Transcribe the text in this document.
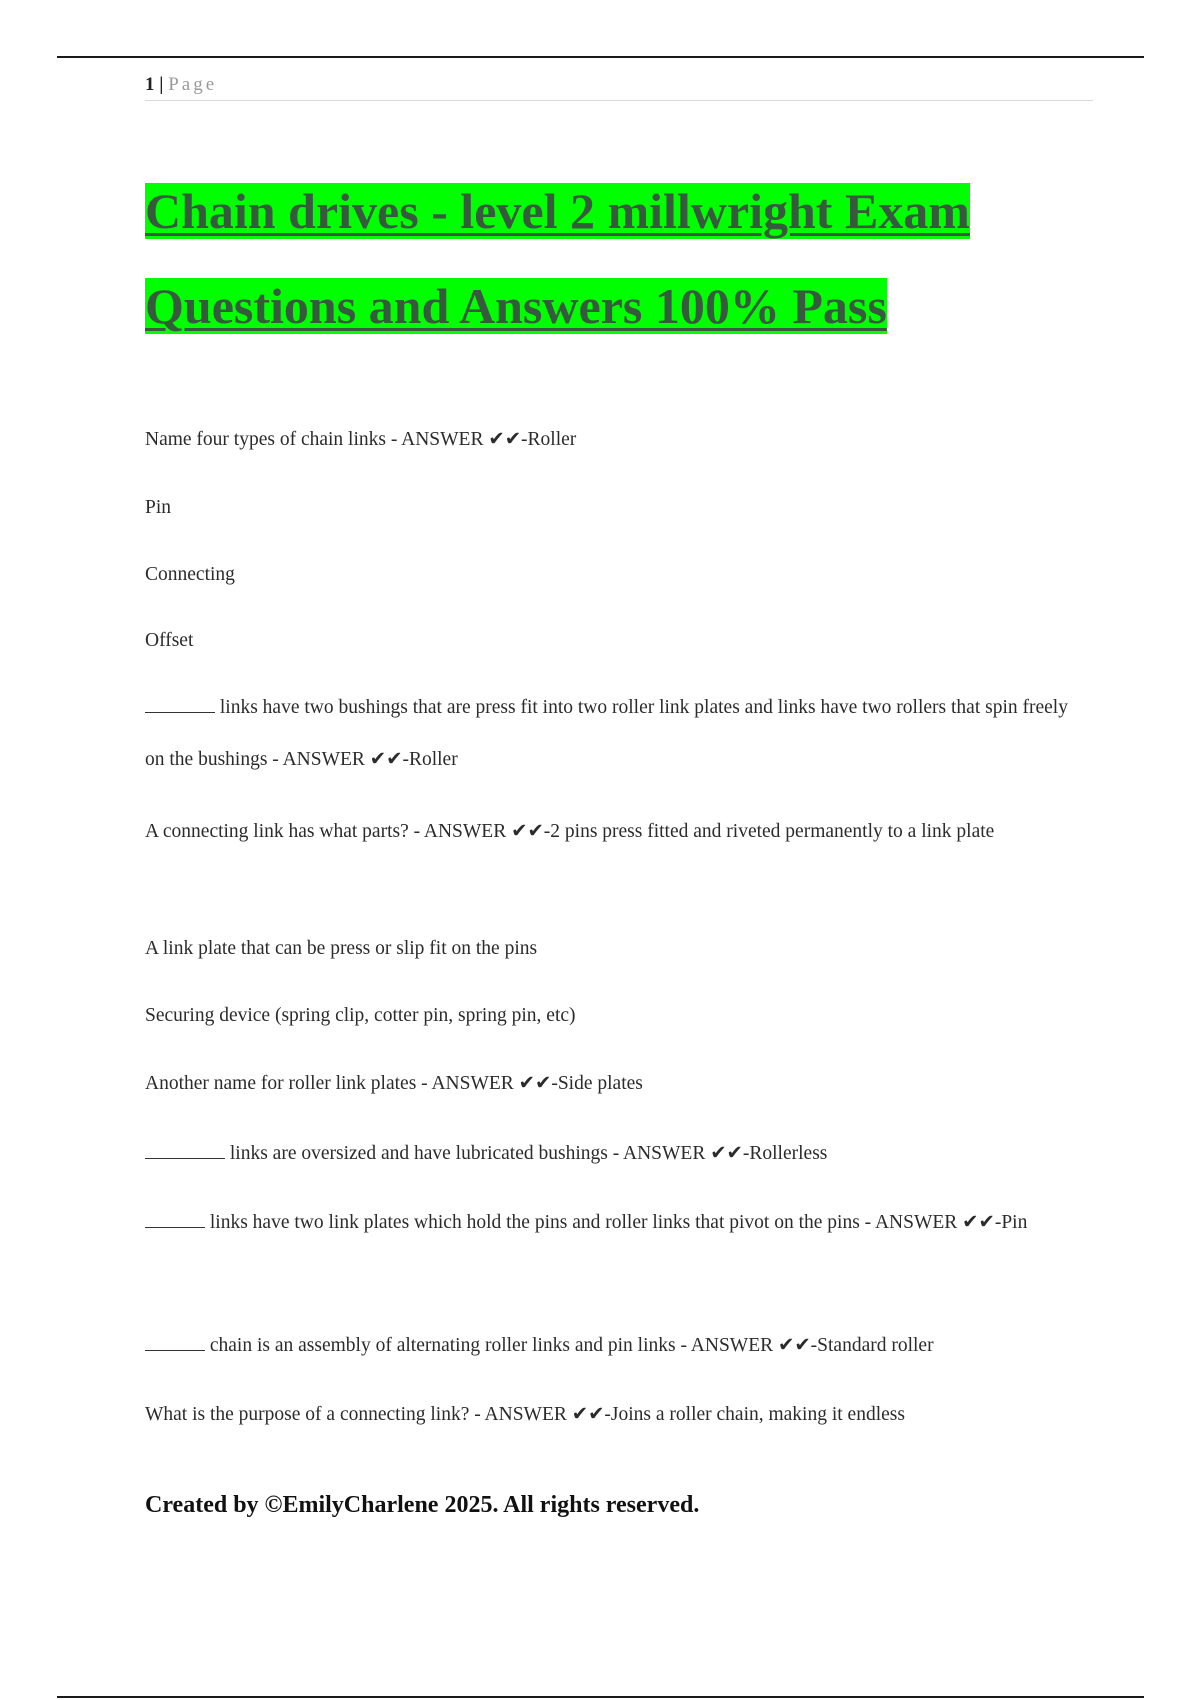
1 | Page
Chain drives - level 2 millwright Exam Questions and Answers 100% Pass

Name four types of chain links - ANSWER ✔✔-Roller

Pin

Connecting

Offset

links have two bushings that are press fit into two roller link plates and links have two rollers that spin freely on the bushings - ANSWER ✔✔-Roller

A connecting link has what parts? - ANSWER ✔✔-2 pins press fitted and riveted permanently to a link plate

A link plate that can be press or slip fit on the pins

Securing device (spring clip, cotter pin, spring pin, etc)

Another name for roller link plates - ANSWER ✔✔-Side plates

links are oversized and have lubricated bushings - ANSWER ✔✔-Rollerless

links have two link plates which hold the pins and roller links that pivot on the pins - ANSWER ✔✔-Pin

chain is an assembly of alternating roller links and pin links - ANSWER ✔✔-Standard roller

What is the purpose of a connecting link? - ANSWER ✔✔-Joins a roller chain, making it endless

Created by ©EmilyCharlene 2025. All rights reserved.
